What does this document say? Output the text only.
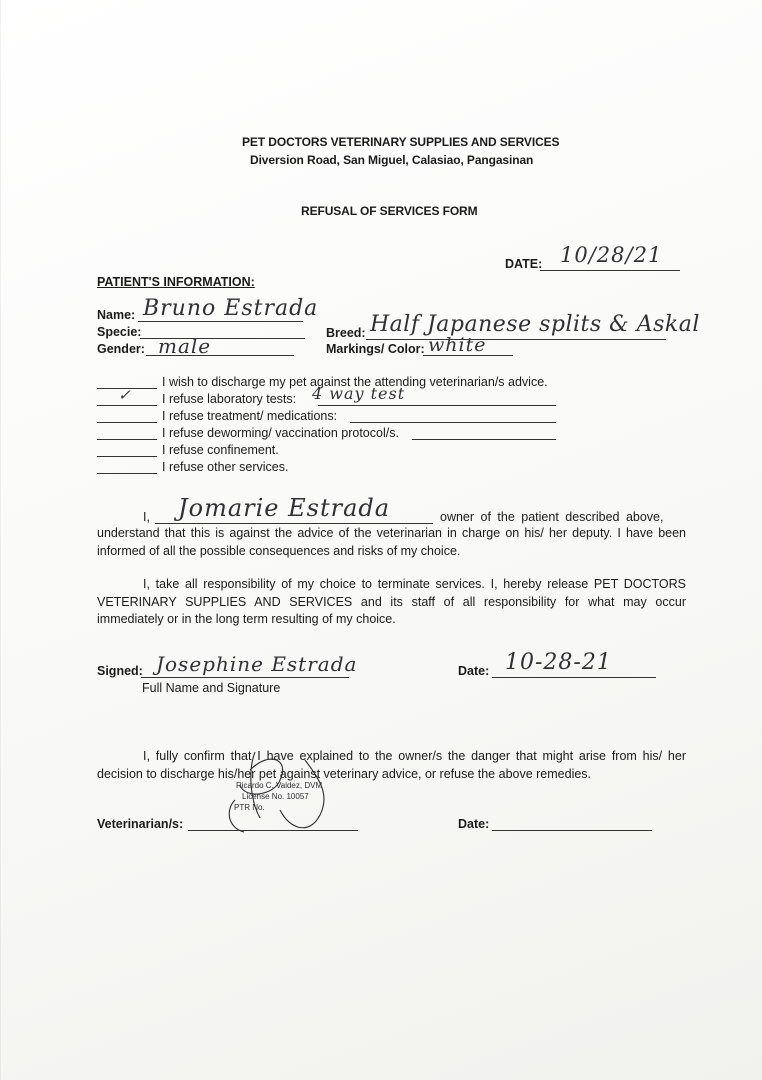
PET DOCTORS VETERINARY SUPPLIES AND SERVICES
Diversion Road, San Miguel, Calasiao, Pangasinan
REFUSAL OF SERVICES FORM
DATE: 10/28/21
PATIENT'S INFORMATION:
Name: Bruno Estrada
Specie:
Gender: male
Breed: Half Japanese splits & Askal
Markings/ Color: white
I wish to discharge my pet against the attending veterinarian/s advice.
✓ I refuse laboratory tests: 4 way test
I refuse treatment/ medications:
I refuse deworming/ vaccination protocol/s.
I refuse confinement.
I refuse other services.
I, Jomarie Estrada	owner of the patient described above,
understand that this is against the advice of the veterinarian in charge on his/ her deputy. I have been informed of all the possible consequences and risks of my choice.
I, take all responsibility of my choice to terminate services. I, hereby release PET DOCTORS VETERINARY SUPPLIES AND SERVICES and its staff of all responsibility for what may occur immediately or in the long term resulting of my choice.
Signed: Josephine Estrada
Full Name and Signature
Date: 10-28-21
I, fully confirm that I have explained to the owner/s the danger that might arise from his/ her decision to discharge his/her pet against veterinary advice, or refuse the above remedies.
Ricardo C. Valdez, DVM
License No. 10057
PTR No.
Veterinarian/s:	Date:
